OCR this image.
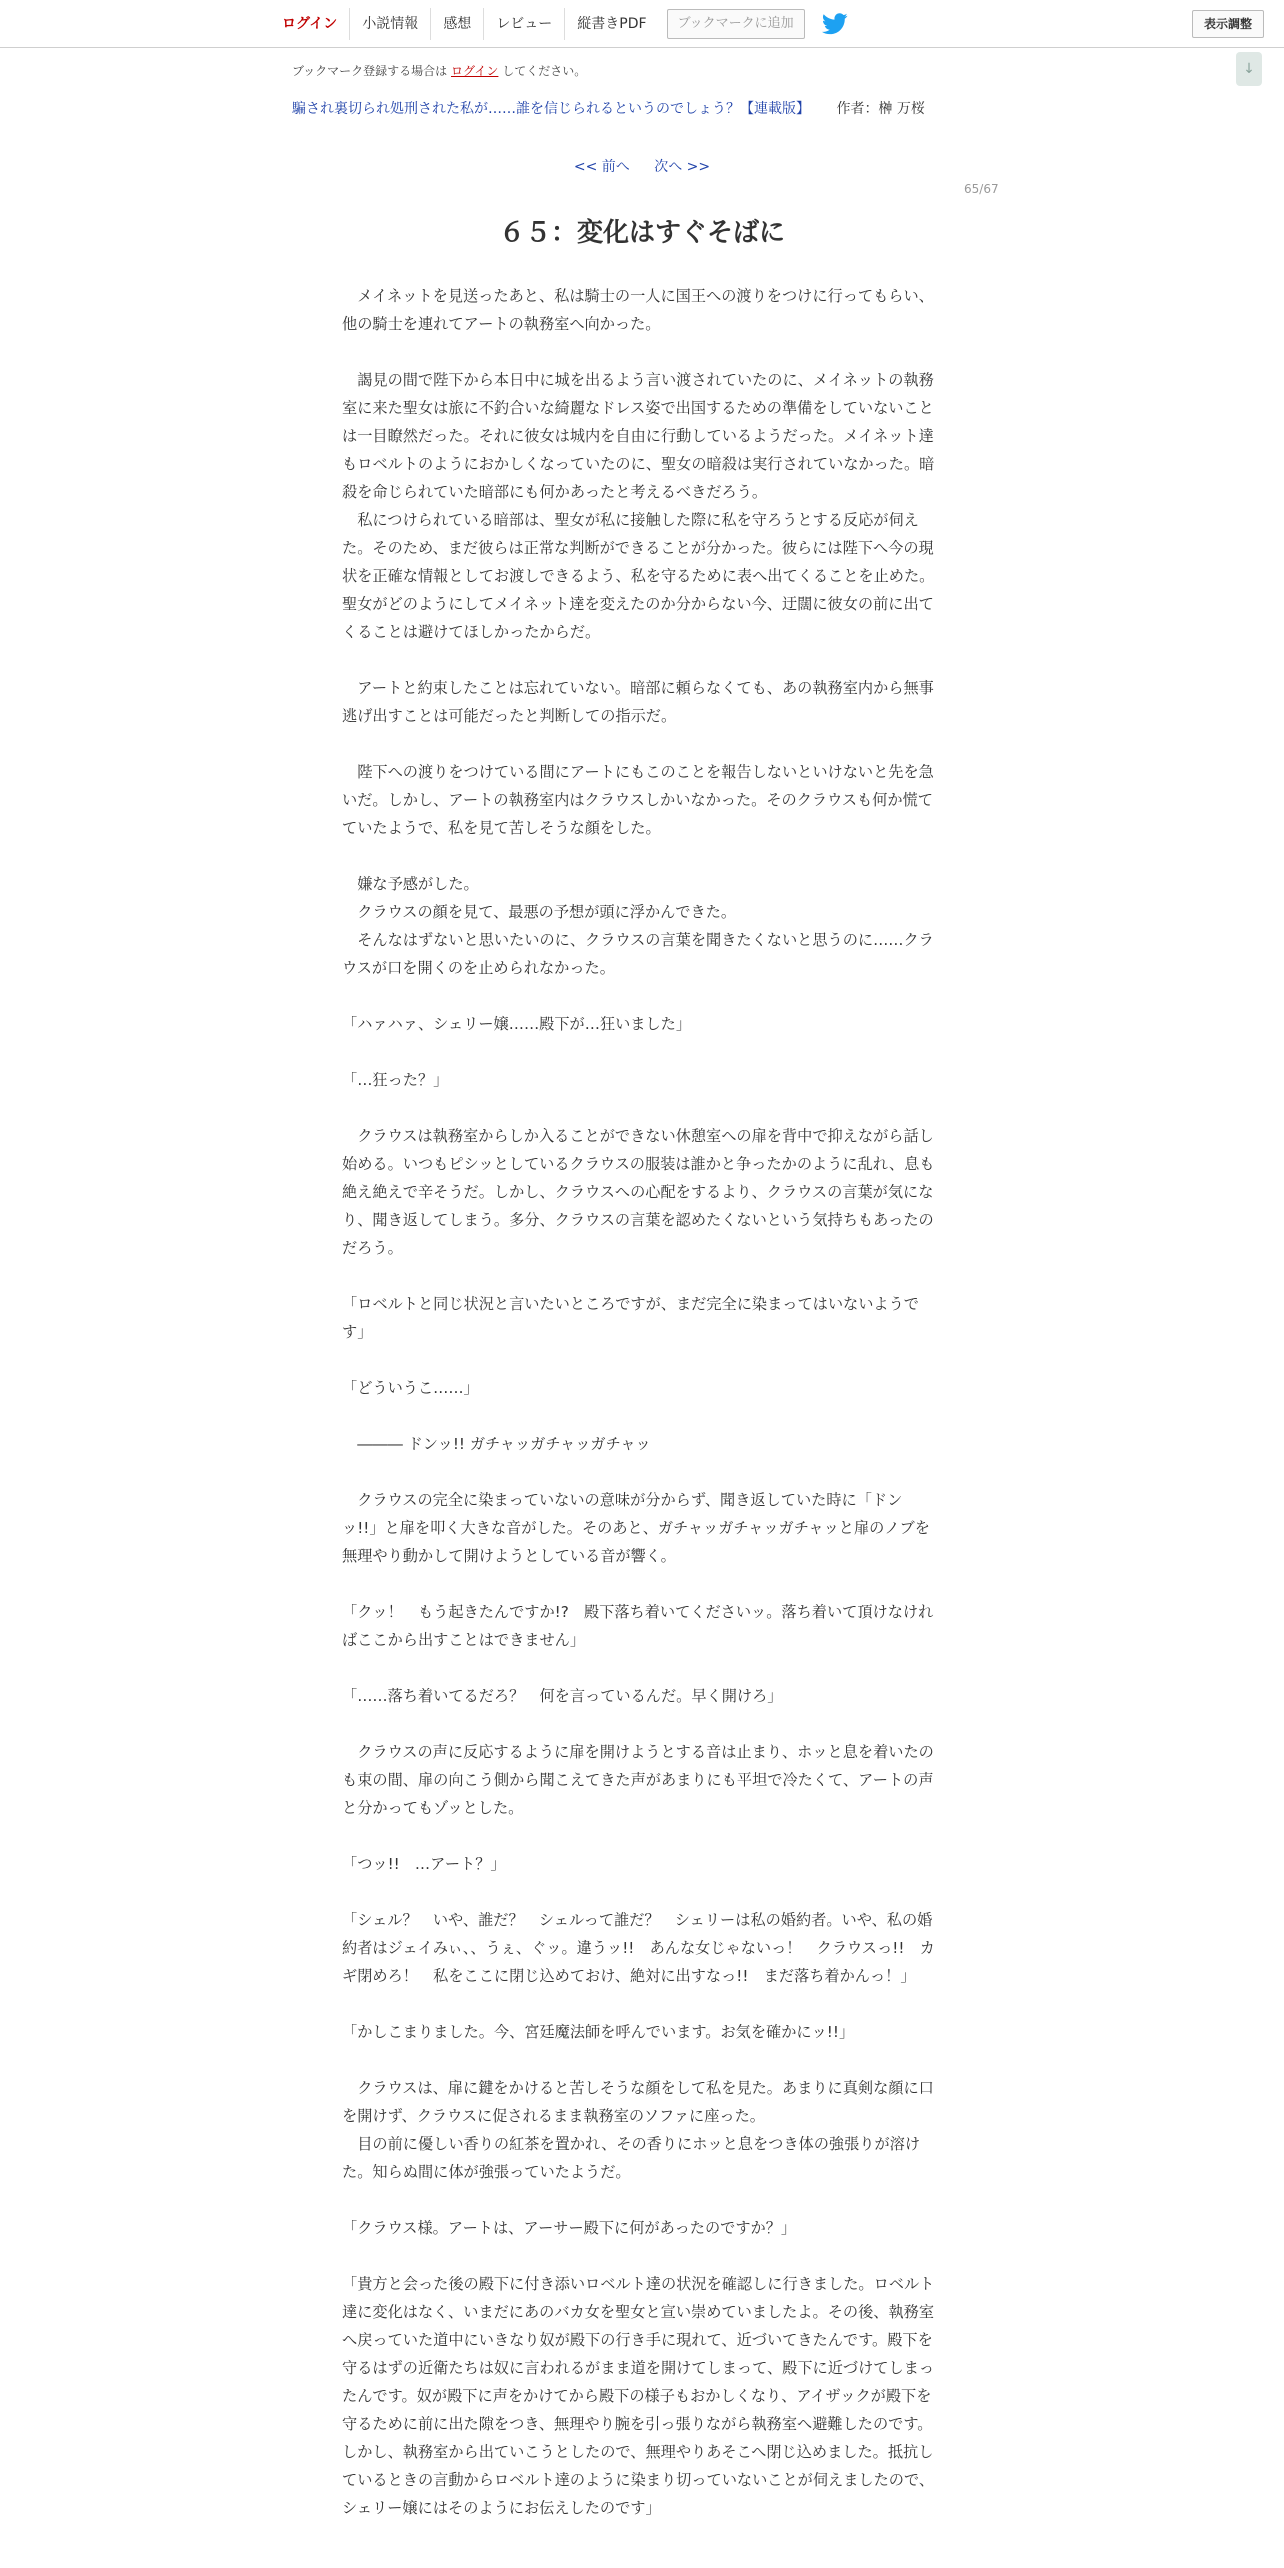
ログイン	小説情報	感想	レビュー	縦書きPDF	ブックマークに追加	表示調整
↓
ブックマーク登録する場合は ログイン してください。
騙され裏切られ処刑された私が……誰を信じられるというのでしょう？【連載版】 作者：榊 万桜
<< 前へ 次へ >>
65/67
６５：変化はすぐそばに

　メイネットを見送ったあと、私は騎士の一人に国王への渡りをつけに行ってもらい、他の騎士を連れてアートの執務室へ向かった。

　謁見の間で陛下から本日中に城を出るよう言い渡されていたのに、メイネットの執務室に来た聖女は旅に不釣合いな綺麗なドレス姿で出国するための準備をしていないことは一目瞭然だった。それに彼女は城内を自由に行動しているようだった。メイネット達もロベルトのようにおかしくなっていたのに、聖女の暗殺は実行されていなかった。暗殺を命じられていた暗部にも何かあったと考えるべきだろう。

　私につけられている暗部は、聖女が私に接触した際に私を守ろうとする反応が伺えた。そのため、まだ彼らは正常な判断ができることが分かった。彼らには陛下へ今の現状を正確な情報としてお渡しできるよう、私を守るために表へ出てくることを止めた。聖女がどのようにしてメイネット達を変えたのか分からない今、迂闊に彼女の前に出てくることは避けてほしかったからだ。

　アートと約束したことは忘れていない。暗部に頼らなくても、あの執務室内から無事逃げ出すことは可能だったと判断しての指示だ。

　陛下への渡りをつけている間にアートにもこのことを報告しないといけないと先を急いだ。しかし、アートの執務室内はクラウスしかいなかった。そのクラウスも何か慌てていたようで、私を見て苦しそうな顔をした。

　嫌な予感がした。

　クラウスの顔を見て、最悪の予想が頭に浮かんできた。

　そんなはずないと思いたいのに、クラウスの言葉を聞きたくないと思うのに……クラウスが口を開くのを止められなかった。

「ハァハァ、シェリー嬢……殿下が…狂いました」

「…狂った？」

　クラウスは執務室からしか入ることができない休憩室への扉を背中で抑えながら話し始める。いつもピシッとしているクラウスの服装は誰かと争ったかのように乱れ、息も絶え絶えで辛そうだ。しかし、クラウスへの心配をするより、クラウスの言葉が気になり、聞き返してしまう。多分、クラウスの言葉を認めたくないという気持ちもあったのだろう。

「ロベルトと同じ状況と言いたいところですが、まだ完全に染まってはいないようです」

「どういうこ……」

　――― ドンッ!! ガチャッガチャッガチャッ

　クラウスの完全に染まっていないの意味が分からず、聞き返していた時に「ドンッ!!」と扉を叩く大きな音がした。そのあと、ガチャッガチャッガチャッと扉のノブを無理やり動かして開けようとしている音が響く。

「クッ！　もう起きたんですか!?　殿下落ち着いてくださいッ。落ち着いて頂けなければここから出すことはできません」

「……落ち着いてるだろ？　何を言っているんだ。早く開けろ」

　クラウスの声に反応するように扉を開けようとする音は止まり、ホッと息を着いたのも束の間、扉の向こう側から聞こえてきた声があまりにも平坦で冷たくて、アートの声と分かってもゾッとした。

「つッ!!　…アート？」

「シェル？　いや、誰だ？　シェルって誰だ？　シェリーは私の婚約者。いや、私の婚約者はジェイみぃ、、うぇ、ぐッ。違うッ!!　あんな女じゃないっ！　クラウスっ!!　カギ閉めろ！　私をここに閉じ込めておけ、絶対に出すなっ!!　まだ落ち着かんっ！」

「かしこまりました。今、宮廷魔法師を呼んでいます。お気を確かにッ!!」

　クラウスは、扉に鍵をかけると苦しそうな顔をして私を見た。あまりに真剣な顔に口を開けず、クラウスに促されるまま執務室のソファに座った。

　目の前に優しい香りの紅茶を置かれ、その香りにホッと息をつき体の強張りが溶けた。知らぬ間に体が強張っていたようだ。

「クラウス様。アートは、アーサー殿下に何があったのですか？」

「貴方と会った後の殿下に付き添いロベルト達の状況を確認しに行きました。ロベルト達に変化はなく、いまだにあのバカ女を聖女と宣い崇めていましたよ。その後、執務室へ戻っていた道中にいきなり奴が殿下の行き手に現れて、近づいてきたんです。殿下を守るはずの近衛たちは奴に言われるがまま道を開けてしまって、殿下に近づけてしまったんです。奴が殿下に声をかけてから殿下の様子もおかしくなり、アイザックが殿下を守るために前に出た隙をつき、無理やり腕を引っ張りながら執務室へ避難したのです。しかし、執務室から出ていこうとしたので、無理やりあそこへ閉じ込めました。抵抗しているときの言動からロベルト達のように染まり切っていないことが伺えましたので、シェリー嬢にはそのようにお伝えしたのです」
